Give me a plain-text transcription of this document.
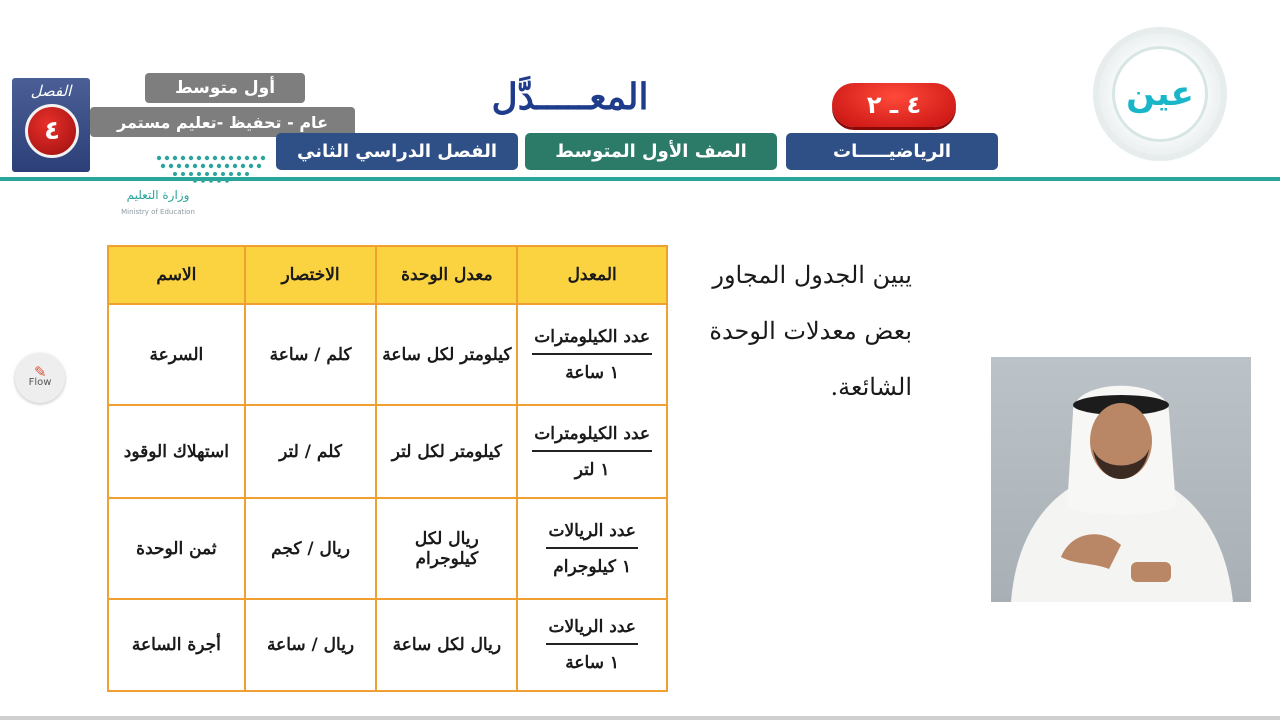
الفصل
٤
أول متوسط
عام - تحفيظ -تعليم مستمر
وزارة التعليم
Ministry of Education
المعـــــدَّل	٤ ـ ٢
الرياضيـــــات
الصف الأول المتوسط
الفصل الدراسي الثاني
عين
✎
Flow
الاسم	الاختصار	معدل الوحدة	المعدل
السرعة	كلم / ساعة	كيلومتر لكل ساعة	$\frac{\text{عدد الكيلومترات}}{\text{١ ساعة}}$

استهلاك الوقود	كلم / لتر	كيلومتر لكل لتر	$\frac{\text{عدد الكيلومترات}}{\text{١ لتر}}$

ثمن الوحدة	ريال / كجم	ريال لكل كيلوجرام	$\frac{\text{عدد الريالات}}{\text{١ كيلوجرام}}$

أجرة الساعة	ريال / ساعة	ريال لكل ساعة	$\frac{\text{عدد الريالات}}{\text{١ ساعة}}$
يبين الجدول المجاور بعض معدلات الوحدة الشائعة.
